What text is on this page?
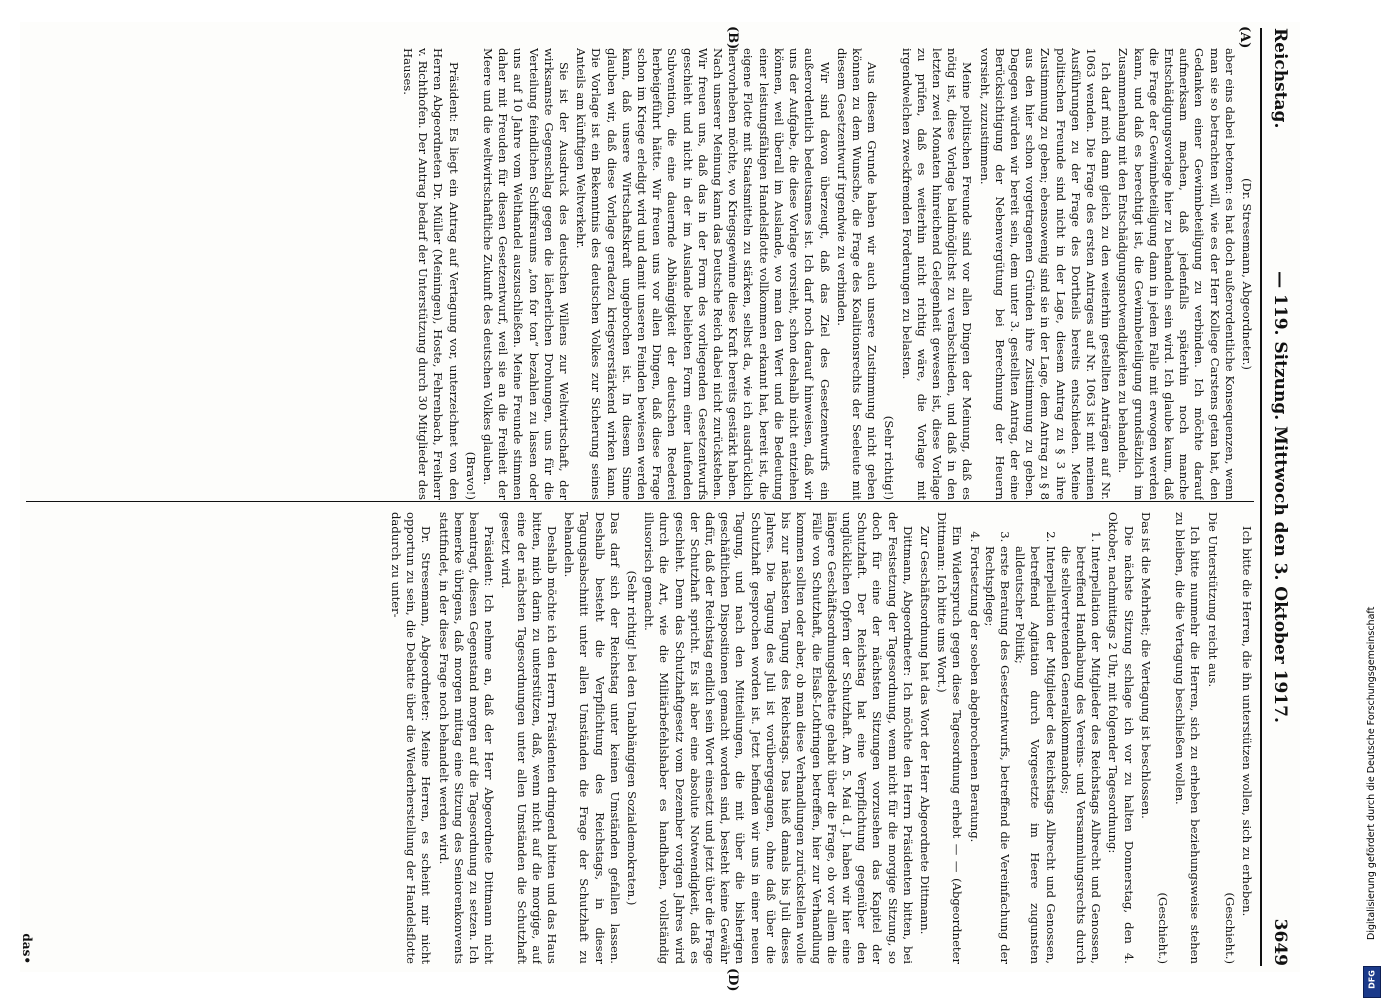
Reichstag.
— 119. Sitzung. Mittwoch den 3. Oktober 1917.
3649
(A)
(B)
(D)

(Dr. Stresemann, Abgeordneter.)

aber eins dabei betonen: es hat doch außerordentliche Konsequenzen, wenn man sie so betrachten will, wie es der Herr Kollege Carstens getan hat, den Gedanken einer Gewinnbeteiligung zu verbinden. Ich möchte darauf aufmerksam machen, daß jedenfalls späterhin noch manche Entschädigungsvorlage hier zu behandeln sein wird. Ich glaube kaum, daß die Frage der Gewinnbeteiligung dann in jedem Falle mit erwogen werden kann, und daß es berechtigt ist, die Gewinnbeteiligung grundsätzlich im Zusammenhang mit den Entschädigungsnotwendigkeiten zu behandeln.

Ich darf mich dann gleich zu den weiterhin gestellten Anträgen auf Nr. 1063 wenden. Die Frage des ersten Antrages auf Nr. 1063 ist mit meinen Ausführungen zu der Frage des Dortheils bereits entschieden. Meine politischen Freunde sind nicht in der Lage, diesem Antrag zu § 3 ihre Zustimmung zu geben; ebensowenig sind sie in der Lage, dem Antrag zu § 8 aus den hier schon vorgetragenen Gründen ihre Zustimmung zu geben. Dagegen würden wir bereit sein, dem unter 3. gestellten Antrag, der eine Berücksichtigung der Nebenvergütung bei Berechnung der Heuern vorsieht, zuzustimmen.

Meine politischen Freunde sind vor allen Dingen der Meinung, daß es nötig ist, diese Vorlage baldmöglichst zu verabschieden, und daß in den letzten zwei Monaten hinreichend Gelegenheit gewesen ist, diese Vorlage zu prüfen, daß es weiterhin nicht richtig wäre, die Vorlage mit irgendwelchen zweckfremden Forderungen zu belasten.

(Sehr richtig!)

Aus diesem Grunde haben wir auch unsere Zustimmung nicht geben können zu dem Wunsche, die Frage des Koalitionsrechts der Seeleute mit diesem Gesetzentwurf irgendwie zu verbinden.

Wir sind davon überzeugt, daß das Ziel des Gesetzentwurfs ein außerordentlich bedeutsames ist. Ich darf noch darauf hinweisen, daß wir uns der Aufgabe, die diese Vorlage vorsieht, schon deshalb nicht entziehen können, weil überall im Auslande, wo man den Wert und die Bedeutung einer leistungsfähigen Handelsflotte vollkommen erkannt hat, bereit ist, die eigene Flotte mit Staatsmitteln zu stärken, selbst da, wie ich ausdrücklich hervorheben möchte, wo Kriegsgewinne diese Kraft bereits gestärkt haben. Nach unserer Meinung kann das Deutsche Reich dabei nicht zurückstehen. Wir freuen uns, daß das in der Form des vorliegenden Gesetzentwurfs geschieht und nicht in der im Auslande beliebten Form einer laufenden Subvention, die eine dauernde Abhängigkeit der deutschen Reederei herbeigeführt hätte. Wir freuen uns vor allen Dingen, daß diese Frage schon im Kriege erledigt wird und damit unseren Feinden bewiesen werden kann, daß unsere Wirtschaftskraft ungebrochen ist. In diesem Sinne glauben wir, daß diese Vorlage geradezu kriegsverstärkend wirken kann. Die Vorlage ist ein Bekenntnis des deutschen Volkes zur Sicherung seines Anteils am künftigen Weltverkehr.

Sie ist der Ausdruck des deutschen Willens zur Weltwirtschaft, der wirksamste Gegenschlag gegen die lächerlichen Drohungen, uns für die Verteilung feindlichen Schiffsraums „ton for ton“ bezahlen zu lassen oder uns auf 10 Jahre vom Welthandel auszuschließen. Meine Freunde stimmen daher mit Freuden für diesen Gesetzentwurf, weil sie an die Freiheit der Meere und die weltwirtschaftliche Zukunft des deutschen Volkes glauben.

(Bravo!)

Präsident: Es liegt ein Antrag auf Vertagung vor, unterzeichnet von den Herren Abgeordneten Dr. Müller (Meiningen), Hoste, Fehrenbach, Freiherr v. Richthofen. Der Antrag bedarf der Unterstützung durch 30 Mitglieder des Hauses.

Ich bitte die Herren, die ihn unterstützen wollen, sich zu erheben.

(Geschieht.)

Die Unterstützung reicht aus.

Ich bitte nunmehr die Herren, sich zu erheben beziehungsweise stehen zu bleiben, die die Vertagung beschließen wollen.

(Geschieht.)

Das ist die Mehrheit; die Vertagung ist beschlossen.

Die nächste Sitzung schlage ich vor zu halten Donnerstag, den 4. Oktober, nachmittags 2 Uhr, mit folgender Tagesordnung:

1. Interpellation der Mitglieder des Reichstags Albrecht und Genossen, betreffend Handhabung des Vereins- und Versammlungsrechts durch die stellvertretenden Generalkommandos;
2. Interpellation der Mitglieder des Reichstags Albrecht und Genossen, betreffend Agitation durch Vorgesetzte im Heere zugunsten alldeutscher Politik;
3. erste Beratung des Gesetzentwurfs, betreffend die Vereinfachung der Rechtspflege;
4. Fortsetzung der soeben abgebrochenen Beratung.

Ein Widerspruch gegen diese Tagesordnung erhebt — — (Abgeordneter Dittmann: Ich bitte ums Wort.)

Zur Geschäftsordnung hat das Wort der Herr Abgeordnete Dittmann.

Dittmann, Abgeordneter: Ich möchte den Herrn Präsidenten bitten, bei der Festsetzung der Tagesordnung, wenn nicht für die morgige Sitzung, so doch für eine der nächsten Sitzungen vorzusehen das Kapitel der Schutzhaft. Der Reichstag hat eine Verpflichtung gegenüber den unglücklichen Opfern der Schutzhaft. Am 5. Mai d. J. haben wir hier eine längere Geschäftsordnungsdebatte gehabt über die Frage, ob vor allem die Fälle von Schutzhaft, die Elsaß-Lothringen betreffen, hier zur Verhandlung kommen sollten oder aber, ob man diese Verhandlungen zurückstellen wolle bis zur nächsten Tagung des Reichstags. Das hieß damals bis Juli dieses Jahres. Die Tagung des Juli ist vorübergegangen, ohne daß über die Schutzhaft gesprochen worden ist. Jetzt befinden wir uns in einer neuen Tagung, und nach den Mitteilungen, die mit über die bisherigen geschäftlichen Dispositionen gemacht worden sind, besteht keine Gewähr dafür, daß der Reichstag endlich sein Wort einsetzt und jetzt über die Frage der Schutzhaft spricht. Es ist aber eine absolute Notwendigkeit, daß es geschieht. Denn das Schutzhaftgesetz vom Dezember vorigen Jahres wird durch die Art, wie die Militärbefehlshaber es handhaben, vollständig illusorisch gemacht.

(Sehr richtig! bei den Unabhängigen Sozialdemokraten.)

Das darf sich der Reichstag unter keinen Umständen gefallen lassen. Deshalb besteht die Verpflichtung des Reichstags, in dieser Tagungsabschnitt unter allen Umständen die Frage der Schutzhaft zu behandeln.

Deshalb möchte ich den Herrn Präsidenten dringend bitten und das Haus bitten, mich darin zu unterstützen, daß, wenn nicht auf die morgige, auf eine der nächsten Tagesordnungen unter allen Umständen die Schutzhaft gesetzt wird.

Präsident: Ich nehme an, daß der Herr Abgeordnete Dittmann nicht beantragt, diesen Gegenstand morgen auf die Tagesordnung zu setzen. Ich bemerke übrigens, daß morgen mittag eine Sitzung des Seniorenkonvents stattfindet, in der diese Frage noch behandelt werden wird.

Dr. Stresemann, Abgeordneter: Meine Herren, es scheint mir nicht opportun zu sein, die Debatte über die Wiederherstellung der Handelsflotte dadurch zu unter-

das•
Digitalisierung gefördert durch die Deutsche Forschungsgemeinschaft
DFG
